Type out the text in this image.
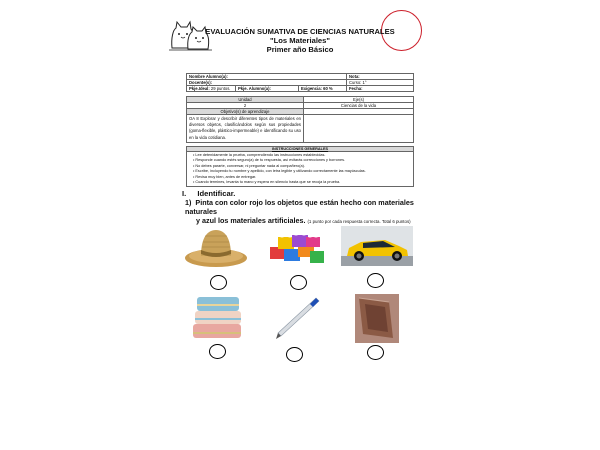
EVALUACIÓN SUMATIVA DE CIENCIAS NATURALES
"Los Materiales"
Primer año Básico
Nombre Alumno(a):			Nota:
Docente(s):			Curso: 1°
Pkje.Ideal: 29 puntos.	Pkje. Alumno(a):	Exigencia: 60 %	Fecha:
Unidad	Eje(s)
2	Ciencias de la vida
Objetivo(s) de aprendizaje	
OA 8 Explorar y describir diferentes tipos de materiales en diversos objetos, clasificándolos según sus propiedades (goma-flexible, plástico-impermeable) e identificando su uso en la vida cotidiana.	
INSTRUCCIONES GENERALES

• Lee detenidamente la prueba, comprendiendo las instrucciones establecidas.
• Responde cuando estés seguro(a) de tu respuesta, así evitarás correcciones y borrones.
• No debes pararte, conversar, ni preguntar nada al compañero(a).
• Escribe, incluyendo tu nombre y apellido, con letra legible y utilizando correctamente las mayúsculas.
• Revisa muy bien, antes de entregar.
• Cuando termines, levanta tu mano y espera en silencio hasta que se recoja la prueba.
I. Identificar.
1) Pinta con color rojo los objetos que están hecho con materiales naturales
y azul los materiales artificiales. (1 punto por cada respuesta correcta. Total 6 puntos)
